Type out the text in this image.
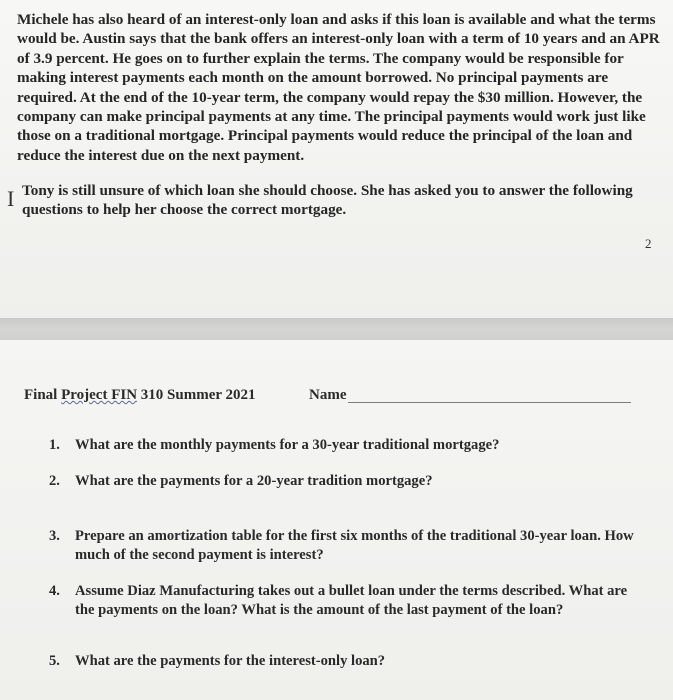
Michele has also heard of an interest-only loan and asks if this loan is available and what the terms would be. Austin says that the bank offers an interest-only loan with a term of 10 years and an APR of 3.9 percent. He goes on to further explain the terms. The company would be responsible for making interest payments each month on the amount borrowed. No principal payments are required. At the end of the 10-year term, the company would repay the $30 million. However, the company can make principal payments at any time. The principal payments would work just like those on a traditional mortgage. Principal payments would reduce the principal of the loan and reduce the interest due on the next payment.

I Tony is still unsure of which loan she should choose. She has asked you to answer the following questions to help her choose the correct mortgage.

2
Final Project FIN 310 Summer 2021	Name
1.	What are the monthly payments for a 30-year traditional mortgage?
2.	What are the payments for a 20-year tradition mortgage?
3.	Prepare an amortization table for the first six months of the traditional 30-year loan. How much of the second payment is interest?
4.	Assume Diaz Manufacturing takes out a bullet loan under the terms described. What are the payments on the loan? What is the amount of the last payment of the loan?
5.	What are the payments for the interest-only loan?
